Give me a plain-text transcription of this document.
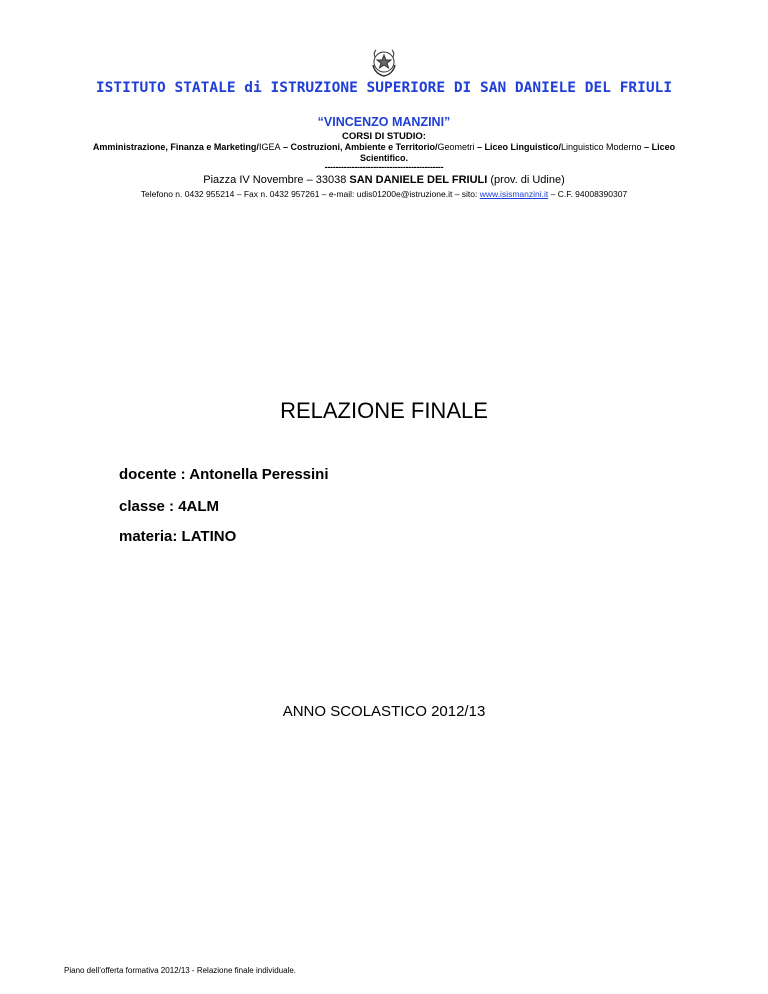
ISTITUTO STATALE di ISTRUZIONE SUPERIORE DI SAN DANIELE DEL FRIULI
“VINCENZO MANZINI”
CORSI DI STUDIO:
Amministrazione, Finanza e Marketing/IGEA – Costruzioni, Ambiente e Territorio/Geometri – Liceo Linguistico/Linguistico Moderno – Liceo Scientifico.
--------------------------------------------
Piazza IV Novembre – 33038 SAN DANIELE DEL FRIULI (prov. di Udine)
Telefono n. 0432 955214 – Fax n. 0432 957261 – e-mail: udis01200e@istruzione.it – sito: www.isismanzini.it – C.F. 94008390307
RELAZIONE FINALE
docente : Antonella Peressini
classe : 4ALM
materia: LATINO
ANNO SCOLASTICO 2012/13
Piano dell’offerta formativa 2012/13 - Relazione finale individuale.
